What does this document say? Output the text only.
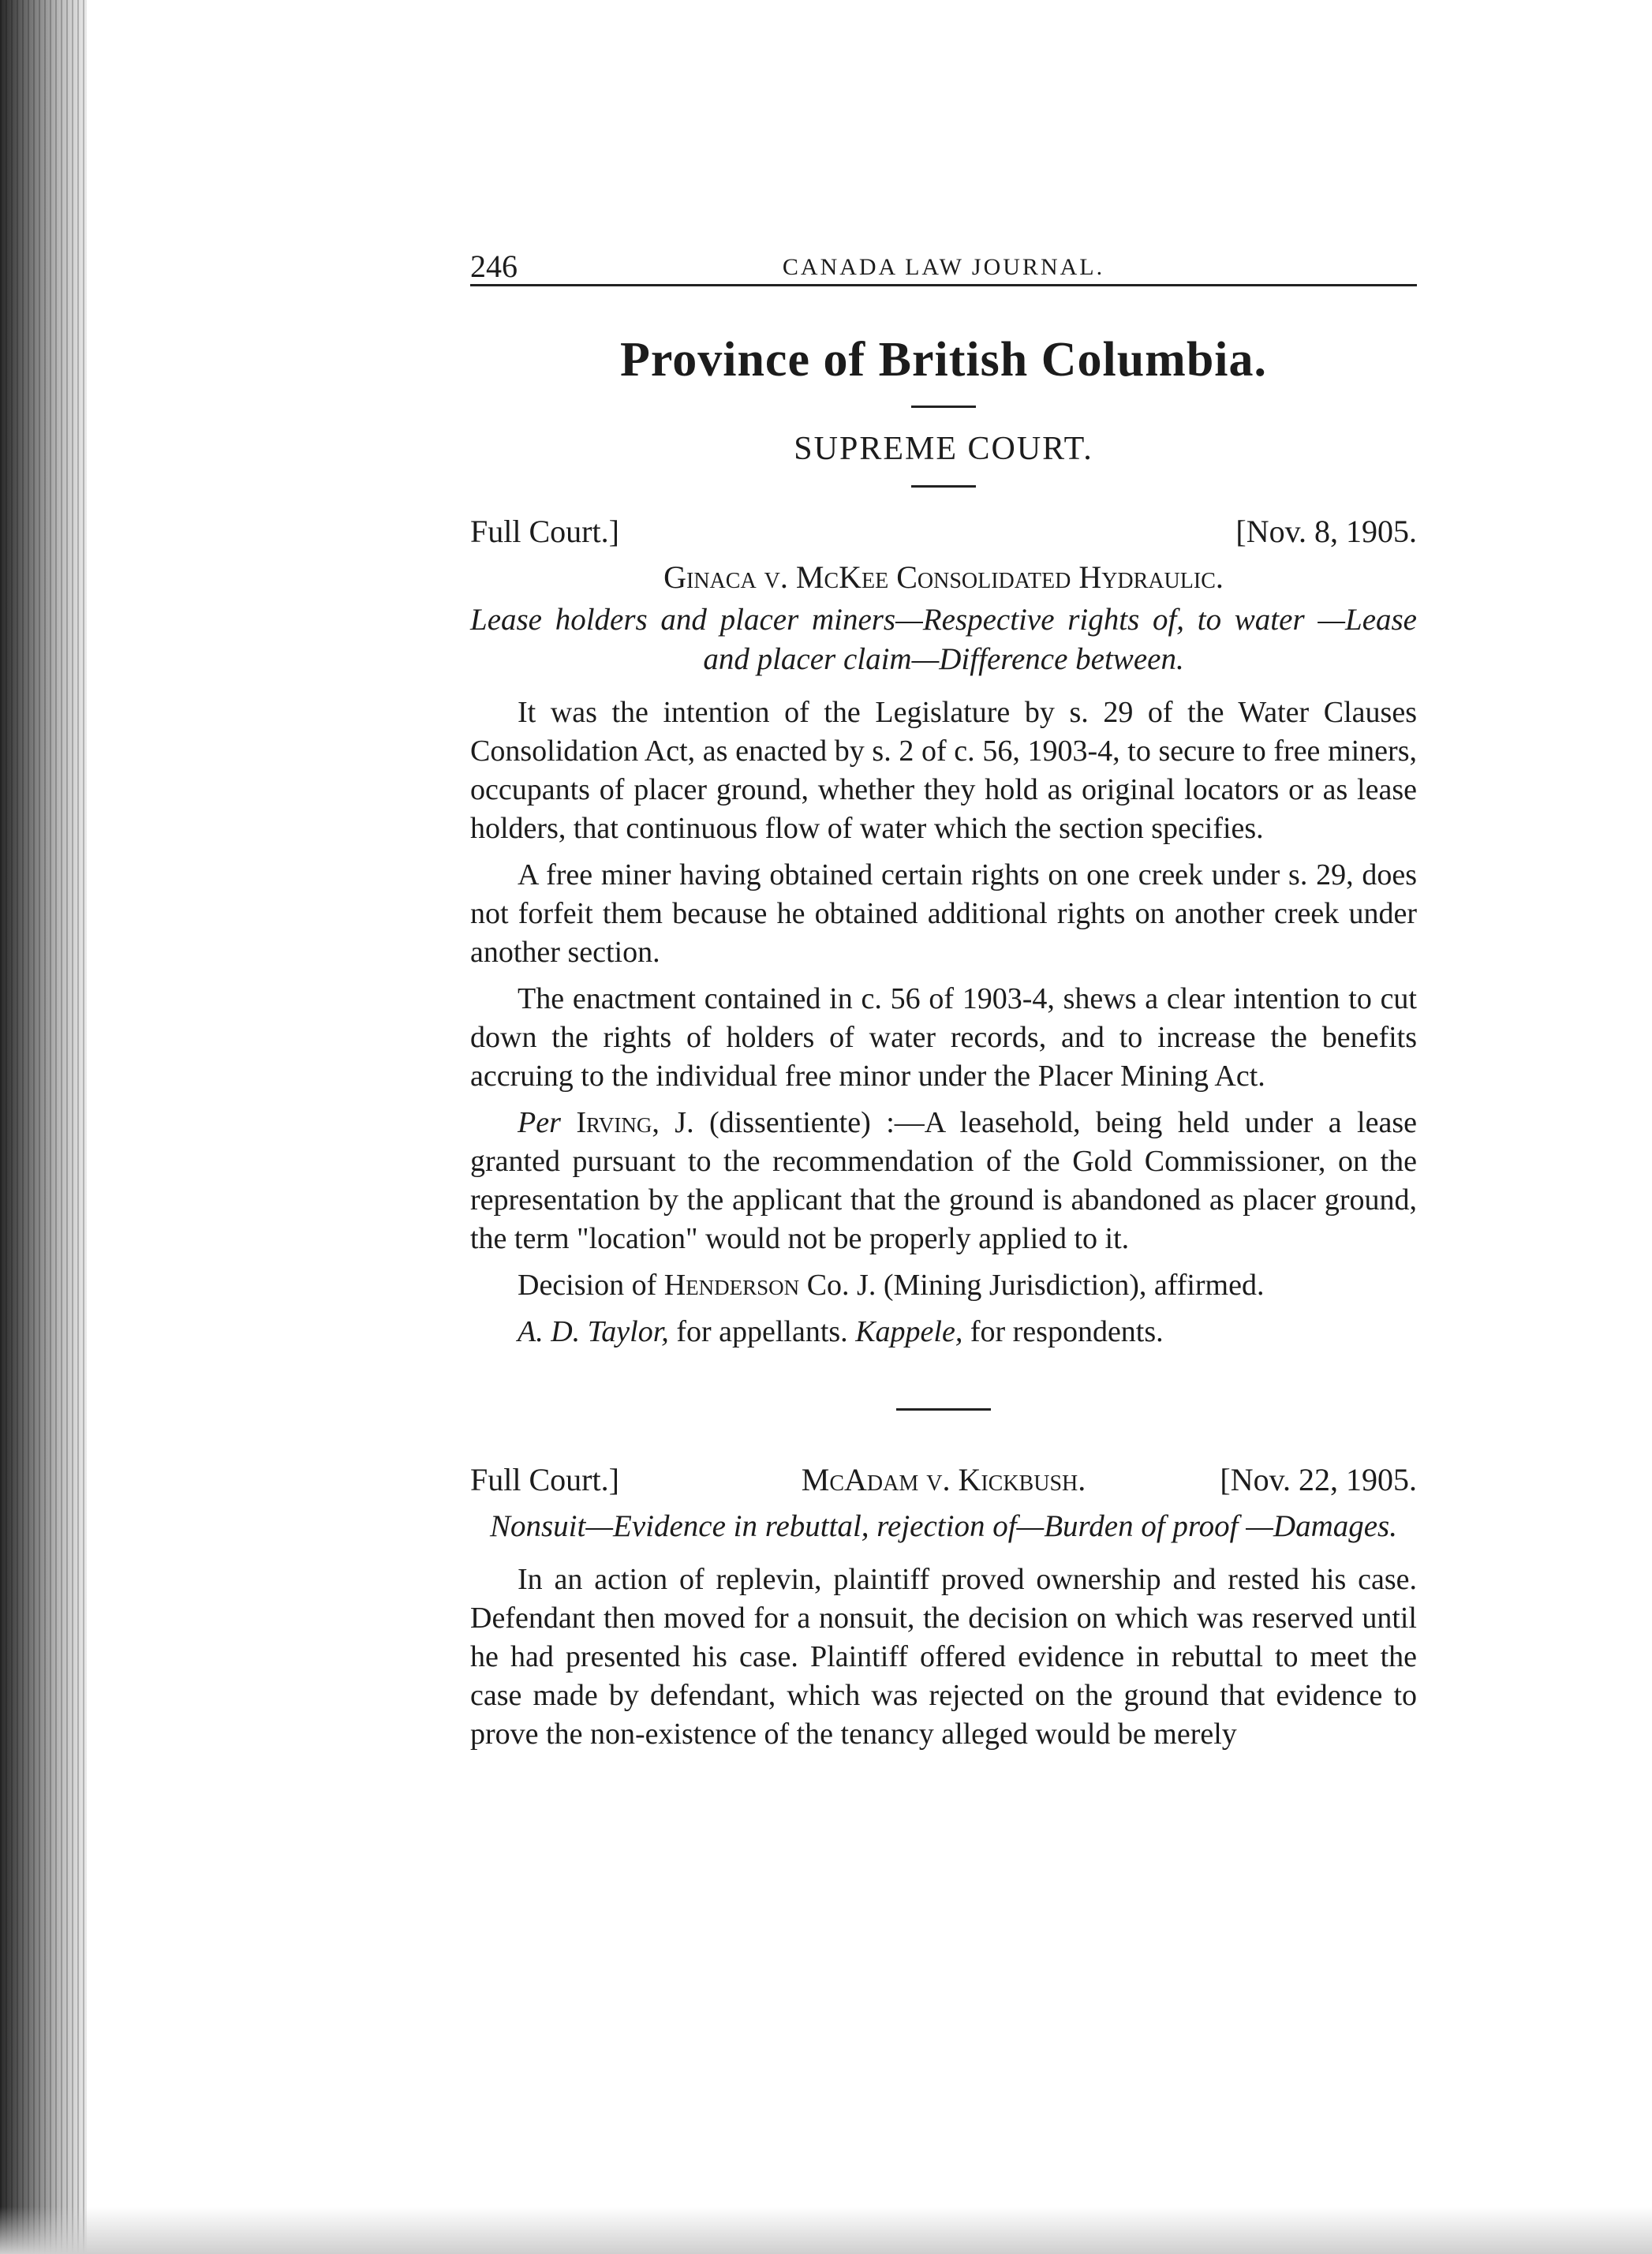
246	CANADA LAW JOURNAL.
Province of British Columbia.
SUPREME COURT.
Full Court.]	[Nov. 8, 1905.
Ginaca v. McKee Consolidated Hydraulic.
Lease holders and placer miners—Respective rights of, to water —Lease and placer claim—Difference between.

It was the intention of the Legislature by s. 29 of the Water Clauses Consolidation Act, as enacted by s. 2 of c. 56, 1903-4, to secure to free miners, occupants of placer ground, whether they hold as original locators or as lease holders, that continuous flow of water which the section specifies.

A free miner having obtained certain rights on one creek under s. 29, does not forfeit them because he obtained additional rights on another creek under another section.

The enactment contained in c. 56 of 1903-4, shews a clear intention to cut down the rights of holders of water records, and to increase the benefits accruing to the individual free minor under the Placer Mining Act.

Per Irving, J. (dissentiente) :—A leasehold, being held under a lease granted pursuant to the recommendation of the Gold Commissioner, on the representation by the applicant that the ground is abandoned as placer ground, the term "location" would not be properly applied to it.

Decision of Henderson Co. J. (Mining Jurisdiction), affirmed.

A. D. Taylor, for appellants. Kappele, for respondents.

Full Court.]	McAdam v. Kickbush.	[Nov. 22, 1905.
Nonsuit—Evidence in rebuttal, rejection of—Burden of proof —Damages.

In an action of replevin, plaintiff proved ownership and rested his case. Defendant then moved for a nonsuit, the decision on which was reserved until he had presented his case. Plaintiff offered evidence in rebuttal to meet the case made by defendant, which was rejected on the ground that evidence to prove the non-existence of the tenancy alleged would be merely
